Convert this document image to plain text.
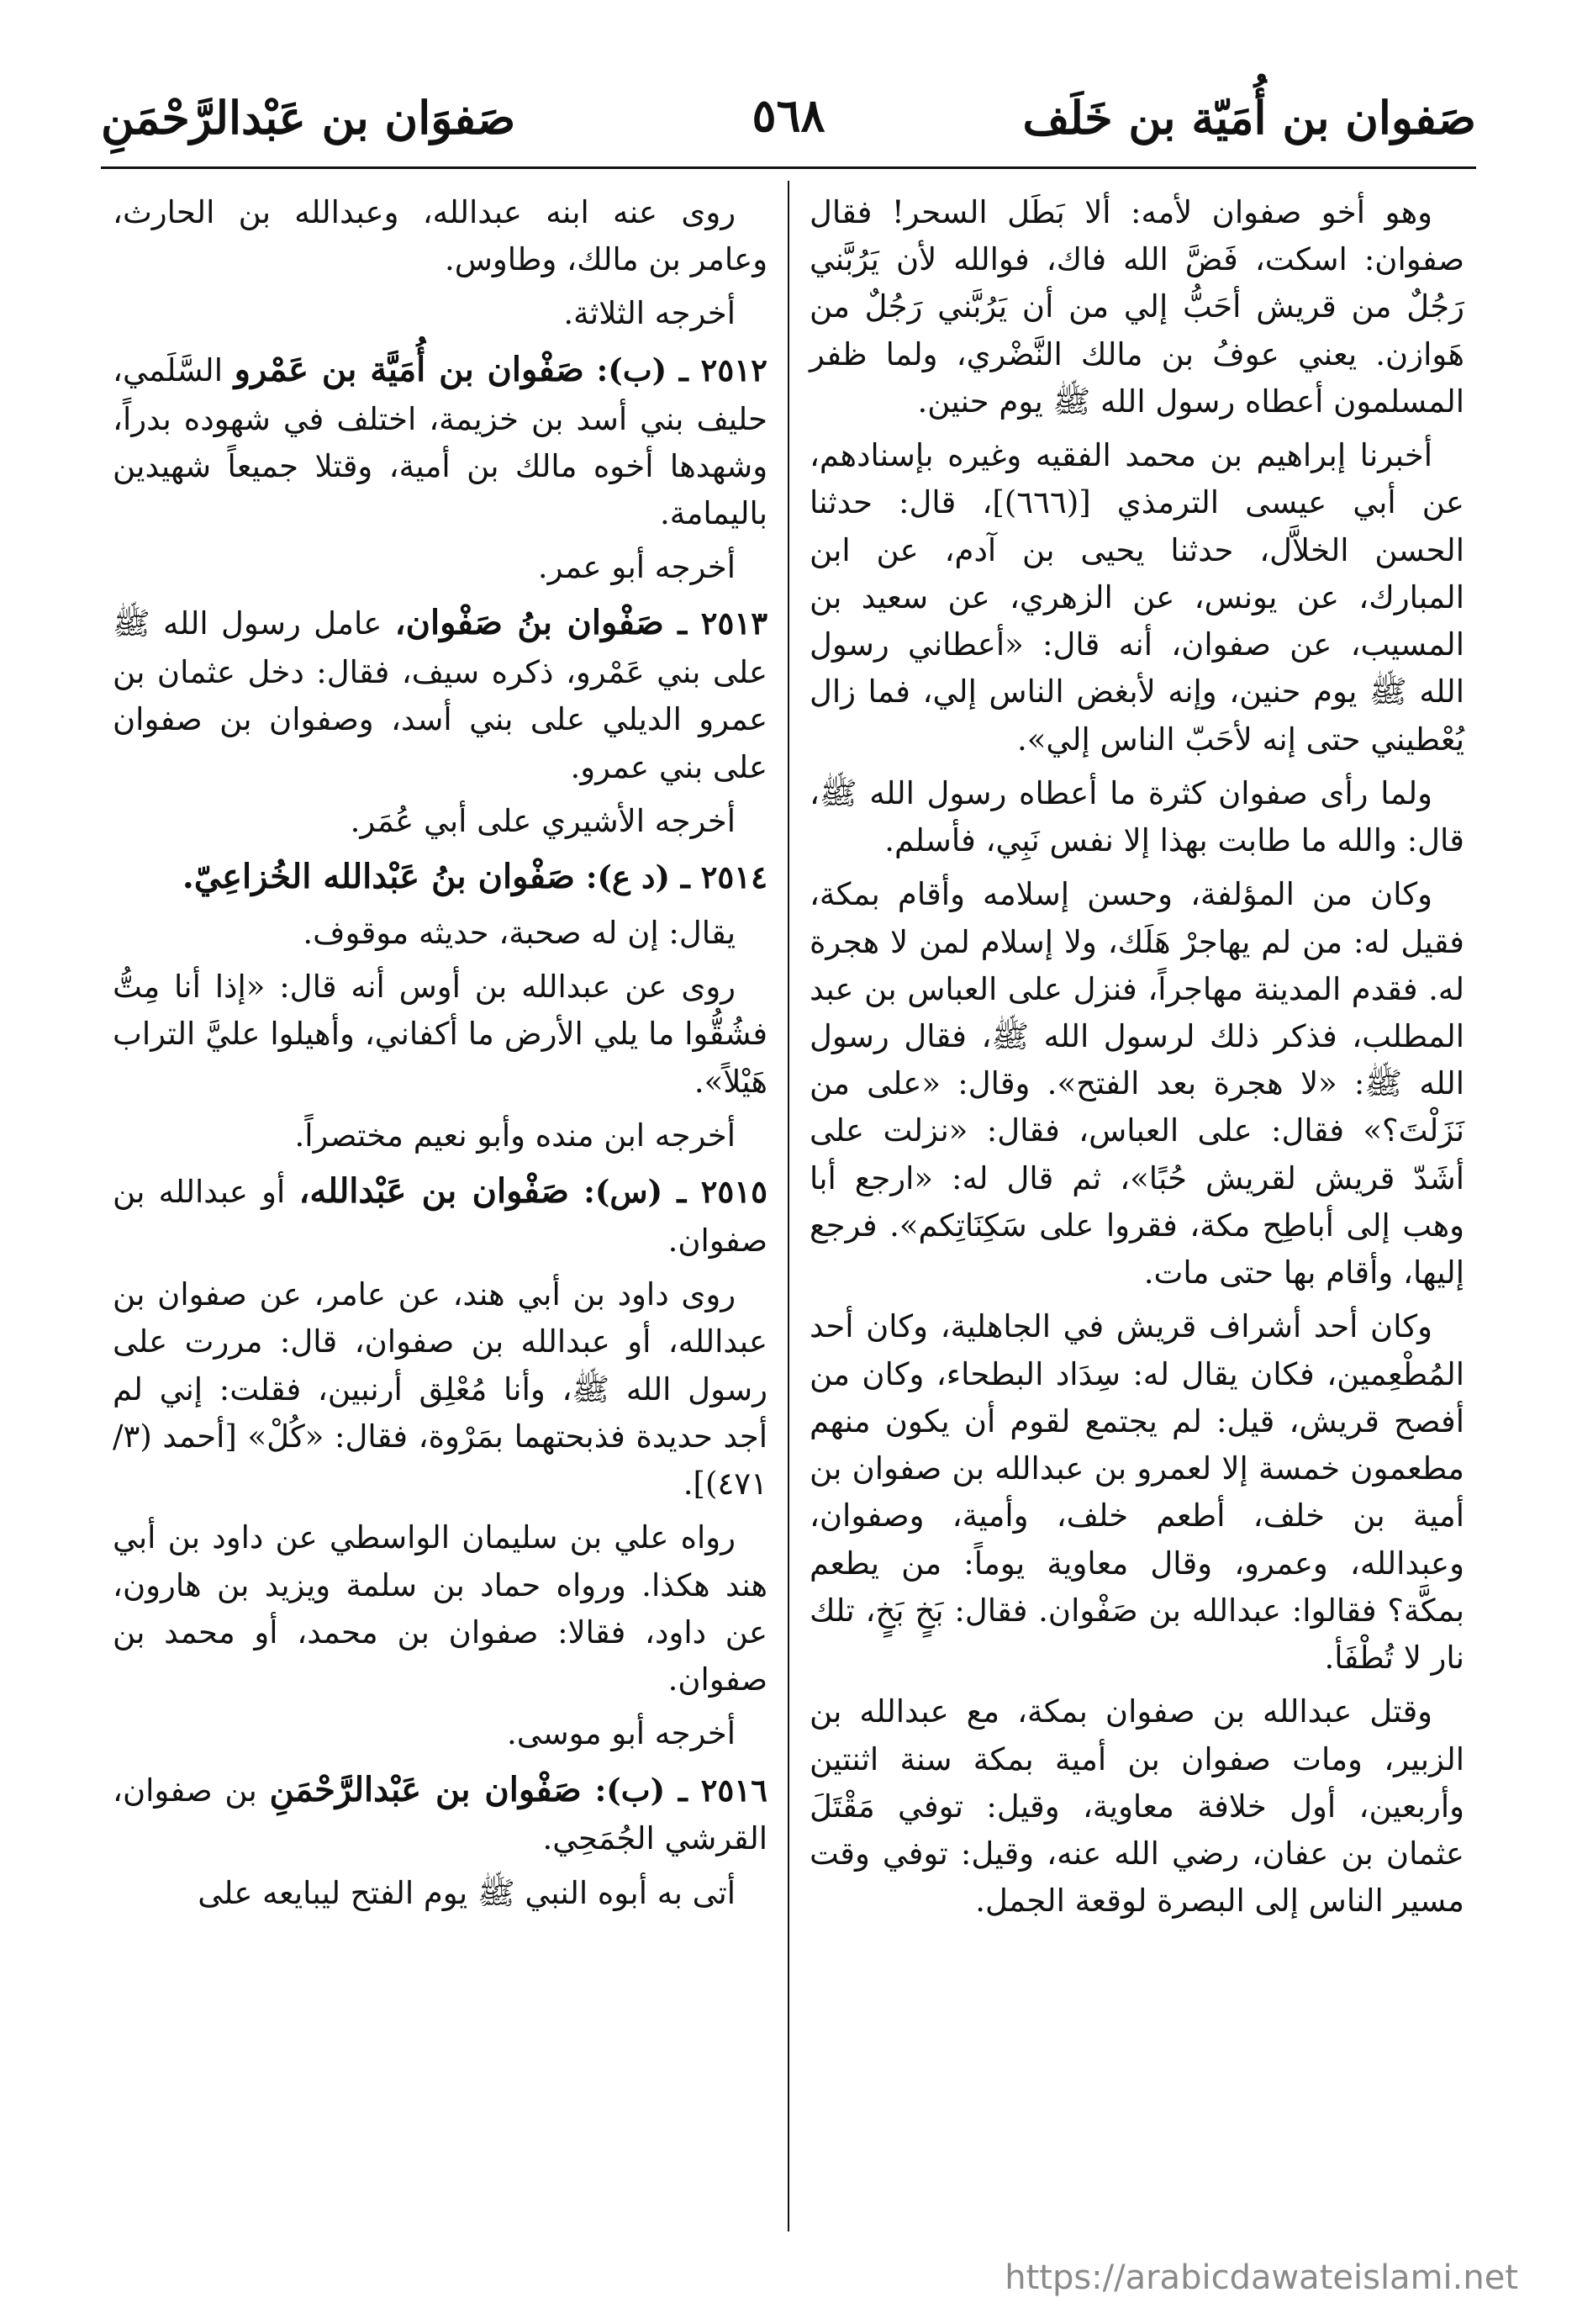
صَفوان بن أُمَيّة بن خَلَف
صَفوَان بن عَبْدالرَّحْمَنِ	٥٦٨

وهو أخو صفوان لأمه: ألا بَطَل السحر! فقال صفوان: اسكت، فَضَّ الله فاك، فوالله لأن يَرُبَّني رَجُلٌ من قريش أحَبُّ إلي من أن يَرُبَّني رَجُلٌ من هَوازن. يعني عوفُ بن مالك النَّضْري، ولما ظفر المسلمون أعطاه رسول الله ﷺ يوم حنين.

أخبرنا إبراهيم بن محمد الفقيه وغيره بإسنادهم، عن أبي عيسى الترمذي [(٦٦٦)]، قال: حدثنا الحسن الخلاَّل، حدثنا يحيى بن آدم، عن ابن المبارك، عن يونس، عن الزهري، عن سعيد بن المسيب، عن صفوان، أنه قال: «أعطاني رسول الله ﷺ يوم حنين، وإنه لأبغض الناس إلي، فما زال يُعْطيني حتى إنه لأحَبّ الناس إلي».

ولما رأى صفوان كثرة ما أعطاه رسول الله ﷺ، قال: والله ما طابت بهذا إلا نفس نَبِي، فأسلم.

وكان من المؤلفة، وحسن إسلامه وأقام بمكة، فقيل له: من لم يهاجرْ هَلَك، ولا إسلام لمن لا هجرة له. فقدم المدينة مهاجراً، فنزل على العباس بن عبد المطلب، فذكر ذلك لرسول الله ﷺ، فقال رسول الله ﷺ: «لا هجرة بعد الفتح». وقال: «على من نَزَلْتَ؟» فقال: على العباس، فقال: «نزلت على أشَدّ قريش لقريش حُبًا»، ثم قال له: «ارجع أبا وهب إلى أباطِح مكة، فقروا على سَكِنَاتِكم». فرجع إليها، وأقام بها حتى مات.

وكان أحد أشراف قريش في الجاهلية، وكان أحد المُطْعِمين، فكان يقال له: سِدَاد البطحاء، وكان من أفصح قريش، قيل: لم يجتمع لقوم أن يكون منهم مطعمون خمسة إلا لعمرو بن عبدالله بن صفوان بن أمية بن خلف، أطعم خلف، وأمية، وصفوان، وعبدالله، وعمرو، وقال معاوية يوماً: من يطعم بمكَّة؟ فقالوا: عبدالله بن صَفْوان. فقال: بَخٍ بَخٍ، تلك نار لا تُطْفَأ.

وقتل عبدالله بن صفوان بمكة، مع عبدالله بن الزبير، ومات صفوان بن أمية بمكة سنة اثنتين وأربعين، أول خلافة معاوية، وقيل: توفي مَقْتَلَ عثمان بن عفان، رضي الله عنه، وقيل: توفي وقت مسير الناس إلى البصرة لوقعة الجمل.

روى عنه ابنه عبدالله، وعبدالله بن الحارث، وعامر بن مالك، وطاوس.

أخرجه الثلاثة.

٢٥١٢ ـ (ب): صَفْوان بن أُمَيَّة بن عَمْرو السَّلَمي، حليف بني أسد بن خزيمة، اختلف في شهوده بدراً، وشهدها أخوه مالك بن أمية، وقتلا جميعاً شهيدين باليمامة.

أخرجه أبو عمر.

٢٥١٣ ـ صَفْوان بنُ صَفْوان، عامل رسول الله ﷺ على بني عَمْرو، ذكره سيف، فقال: دخل عثمان بن عمرو الديلي على بني أسد، وصفوان بن صفوان على بني عمرو.

أخرجه الأشيري على أبي عُمَر.

٢٥١٤ ـ (د ع): صَفْوان بنُ عَبْدالله الخُزاعِيّ.

يقال: إن له صحبة، حديثه موقوف.

روى عن عبدالله بن أوس أنه قال: «إذا أنا مِتُّ فشُقُّوا ما يلي الأرض ما أكفاني، وأهيلوا عليَّ التراب هَيْلاً».

أخرجه ابن منده وأبو نعيم مختصراً.

٢٥١٥ ـ (س): صَفْوان بن عَبْدالله، أو عبدالله بن صفوان.

روى داود بن أبي هند، عن عامر، عن صفوان بن عبدالله، أو عبدالله بن صفوان، قال: مررت على رسول الله ﷺ، وأنا مُعْلِق أرنبين، فقلت: إني لم أجد حديدة فذبحتهما بمَرْوة، فقال: «كُلْ» [أحمد (٣/ ٤٧١)].

رواه علي بن سليمان الواسطي عن داود بن أبي هند هكذا. ورواه حماد بن سلمة ويزيد بن هارون، عن داود، فقالا: صفوان بن محمد، أو محمد بن صفوان.

أخرجه أبو موسى.

٢٥١٦ ـ (ب): صَفْوان بن عَبْدالرَّحْمَنِ بن صفوان، القرشي الجُمَحِي.

أتى به أبوه النبي ﷺ يوم الفتح ليبايعه على

https://arabicdawateislami.net
